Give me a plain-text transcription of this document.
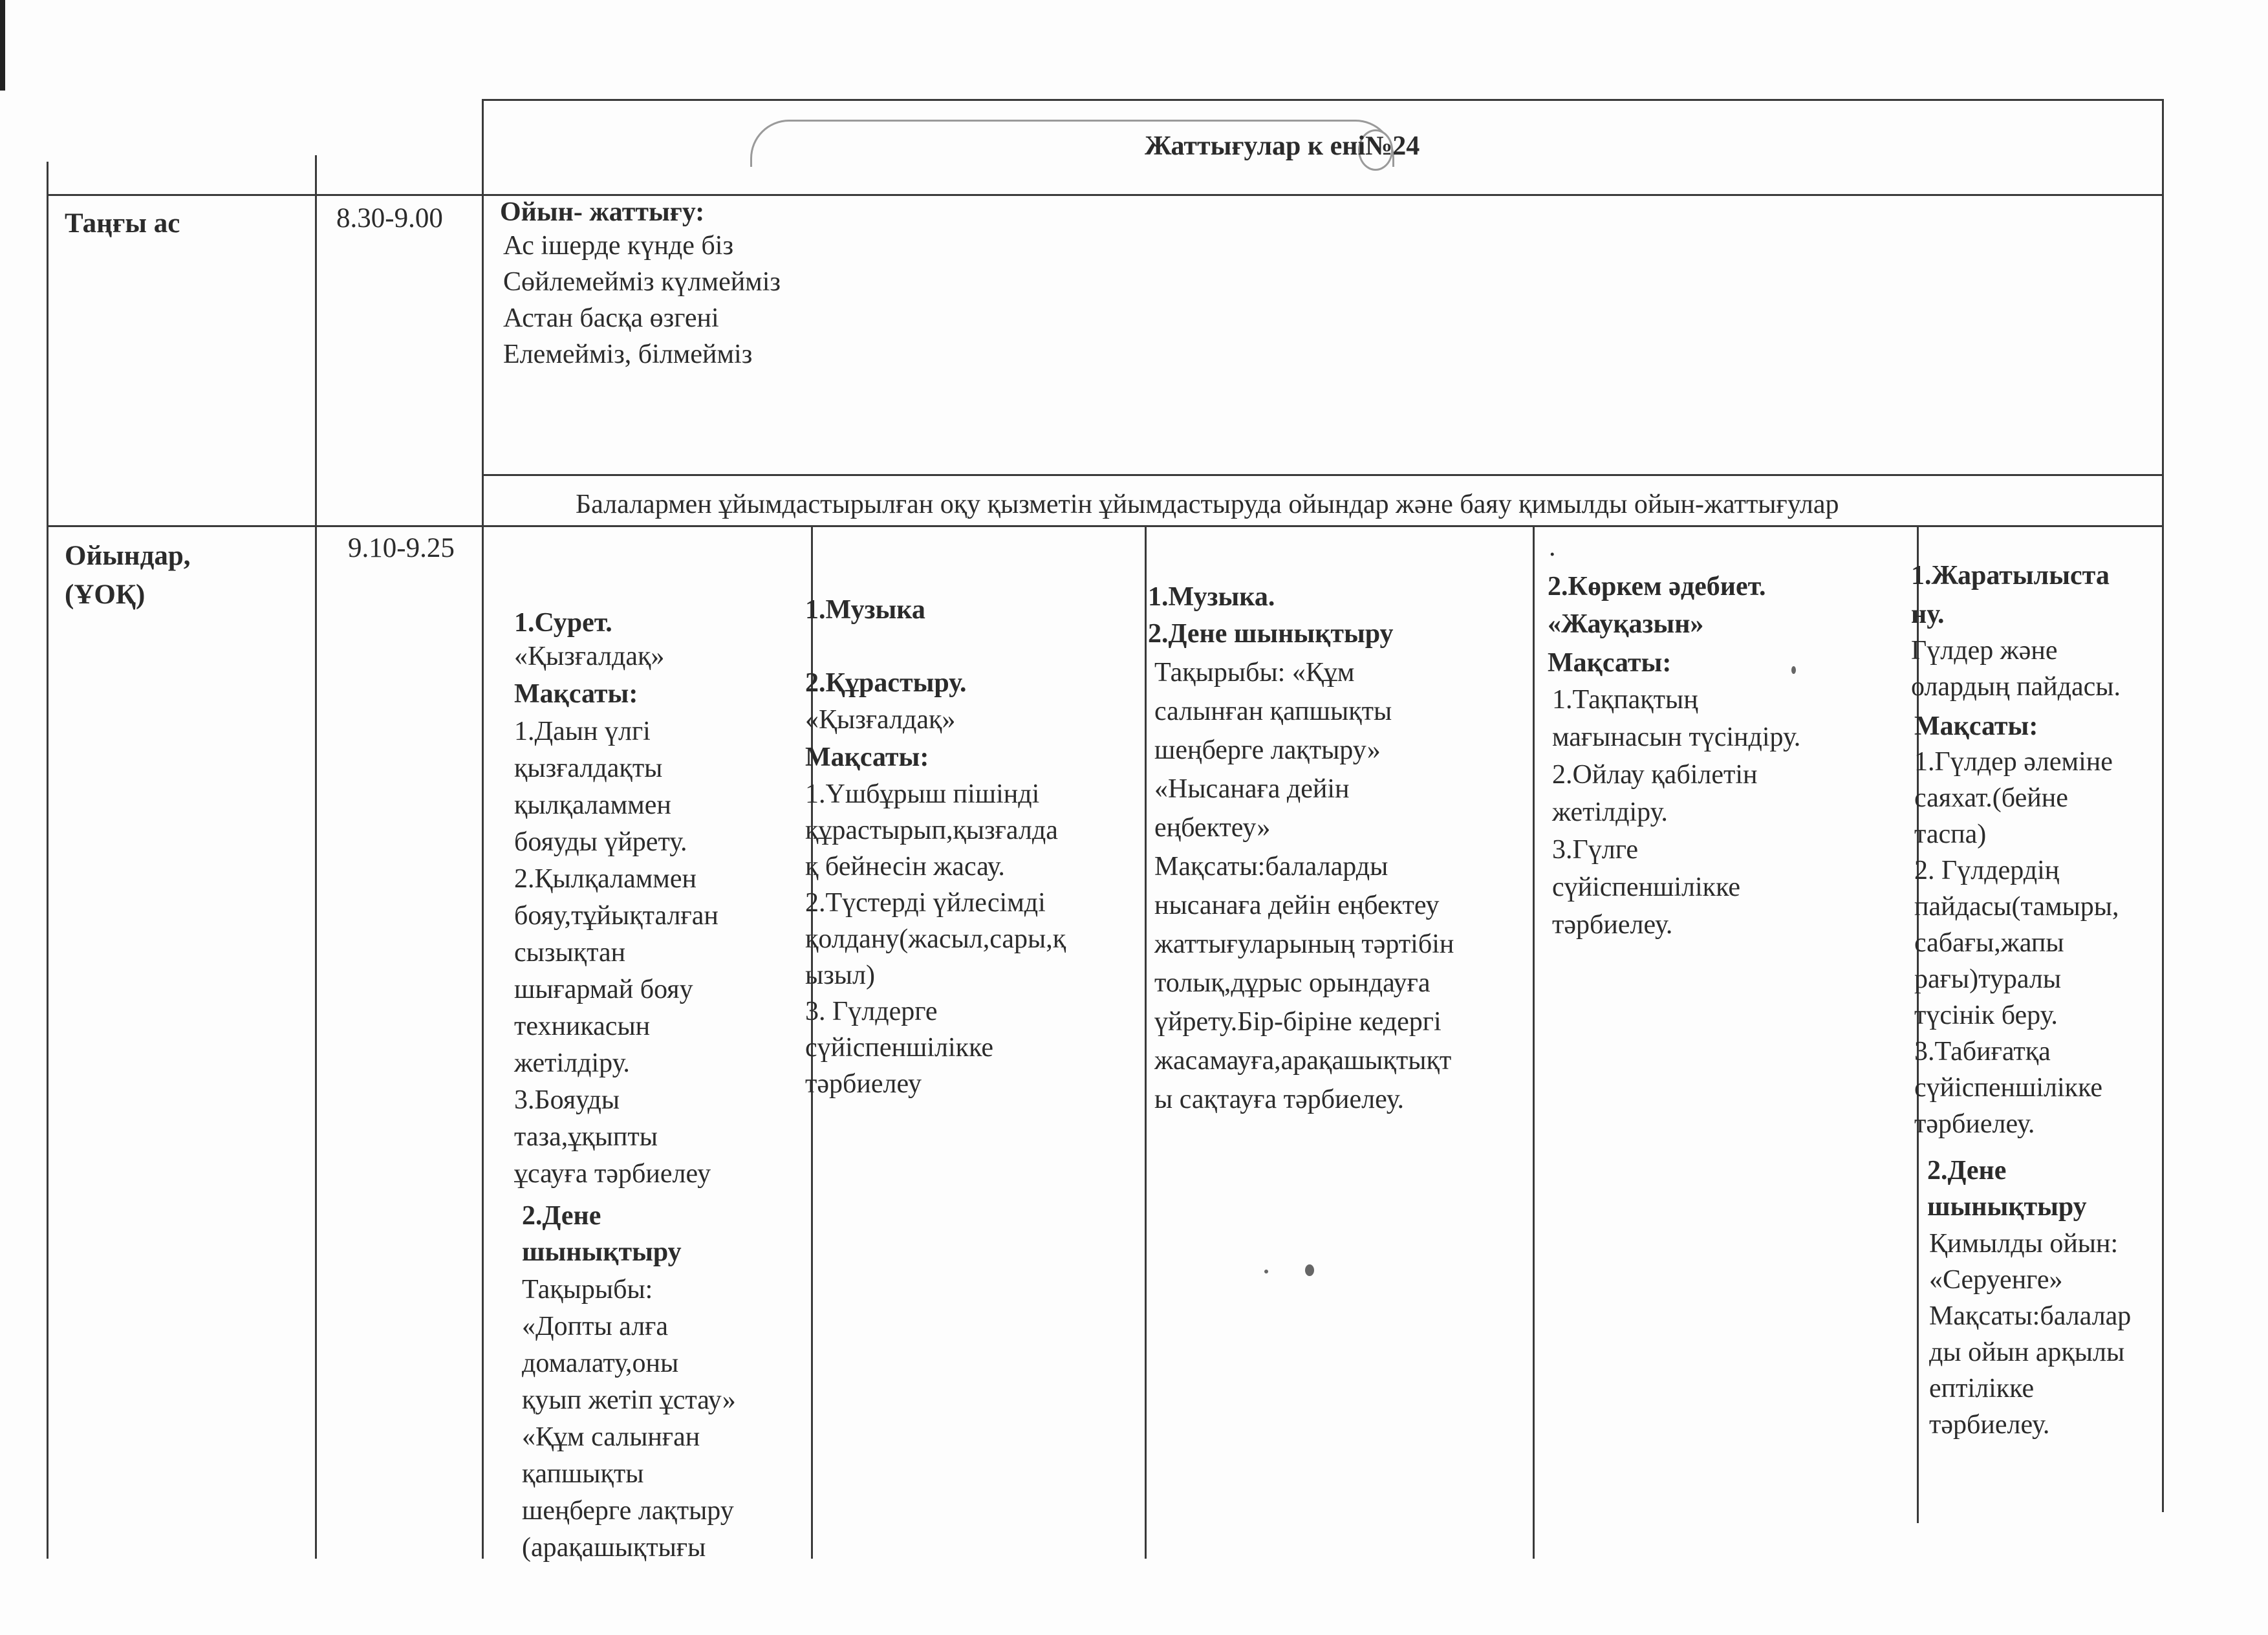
Жаттығулар к ені№24

Таңғы ас	8.30-9.00 Ойын- жаттығу:

Ас ішерде күнде біз
Сөйлемейміз күлмейміз
Астан басқа өзгені
Елемейміз, білмейміз

Ойындар,
(ҰОҚ)

9.10-9.25

Балалармен ұйымдастырылған оқу қызметін ұйымдастыруда ойындар және баяу қимылды ойын-жаттығулар

1.Сурет.

«Қызғалдақ»

Мақсаты:

1.Даын үлгі
қызғалдақты
қылқаламмен
бояуды үйрету.
2.Қылқаламмен
бояу,тұйықталған
сызықтан
шығармай бояу
техникасын
жетілдіру.
3.Бояуды
таза,ұқыпты
ұсауға тәрбиелеу

2.Дене
шынықтыру

Тақырыбы:
«Допты алға
домалату,оны
қуып жетіп ұстау»
«Құм салынған
қапшықты
шеңберге лақтыру
(арақашықтығы

1.Музыка

2.Құрастыру.

«Қызғалдақ»

Мақсаты:

1.Үшбұрыш пішінді
құрастырып,қызғалда
қ бейнесін жасау.
2.Түстерді үйлесімді
қолдану(жасыл,сары,қ
ызыл)
3. Гүлдерге
сүйіспеншілікке
тәрбиелеу

1.Музыка.
2.Дене шынықтыру

Тақырыбы: «Құм
салынған қапшықты
шеңберге лақтыру»
«Нысанаға дейін
еңбектеу»
Мақсаты:балаларды
нысанаға дейін еңбектеу
жаттығуларының тәртібін
толық,дұрыс орындауға
үйрету.Бір-біріне кедергі
жасамауға,арақашықтықт
ы сақтауға тәрбиелеу.

.

2.Көркем әдебиет.
«Жауқазын»

Мақсаты:

1.Тақпақтың
мағынасын түсіндіру.
2.Ойлау қабілетін
жетілдіру.
3.Гүлге
сүйіспеншілікке
тәрбиелеу.

1.Жаратылыста
ну.

Гүлдер және
олардың пайдасы.

Мақсаты:

1.Гүлдер әлеміне
саяхат.(бейне
таспа)
2. Гүлдердің
пайдасы(тамыры,
сабағы,жапы
рағы)туралы
түсінік беру.
3.Табиғатқа
сүйіспеншілікке
тәрбиелеу.

2.Дене
шынықтыру

Қимылды ойын:
«Серуенге»
Мақсаты:балалар
ды ойын арқылы
ептілікке
тәрбиелеу.
